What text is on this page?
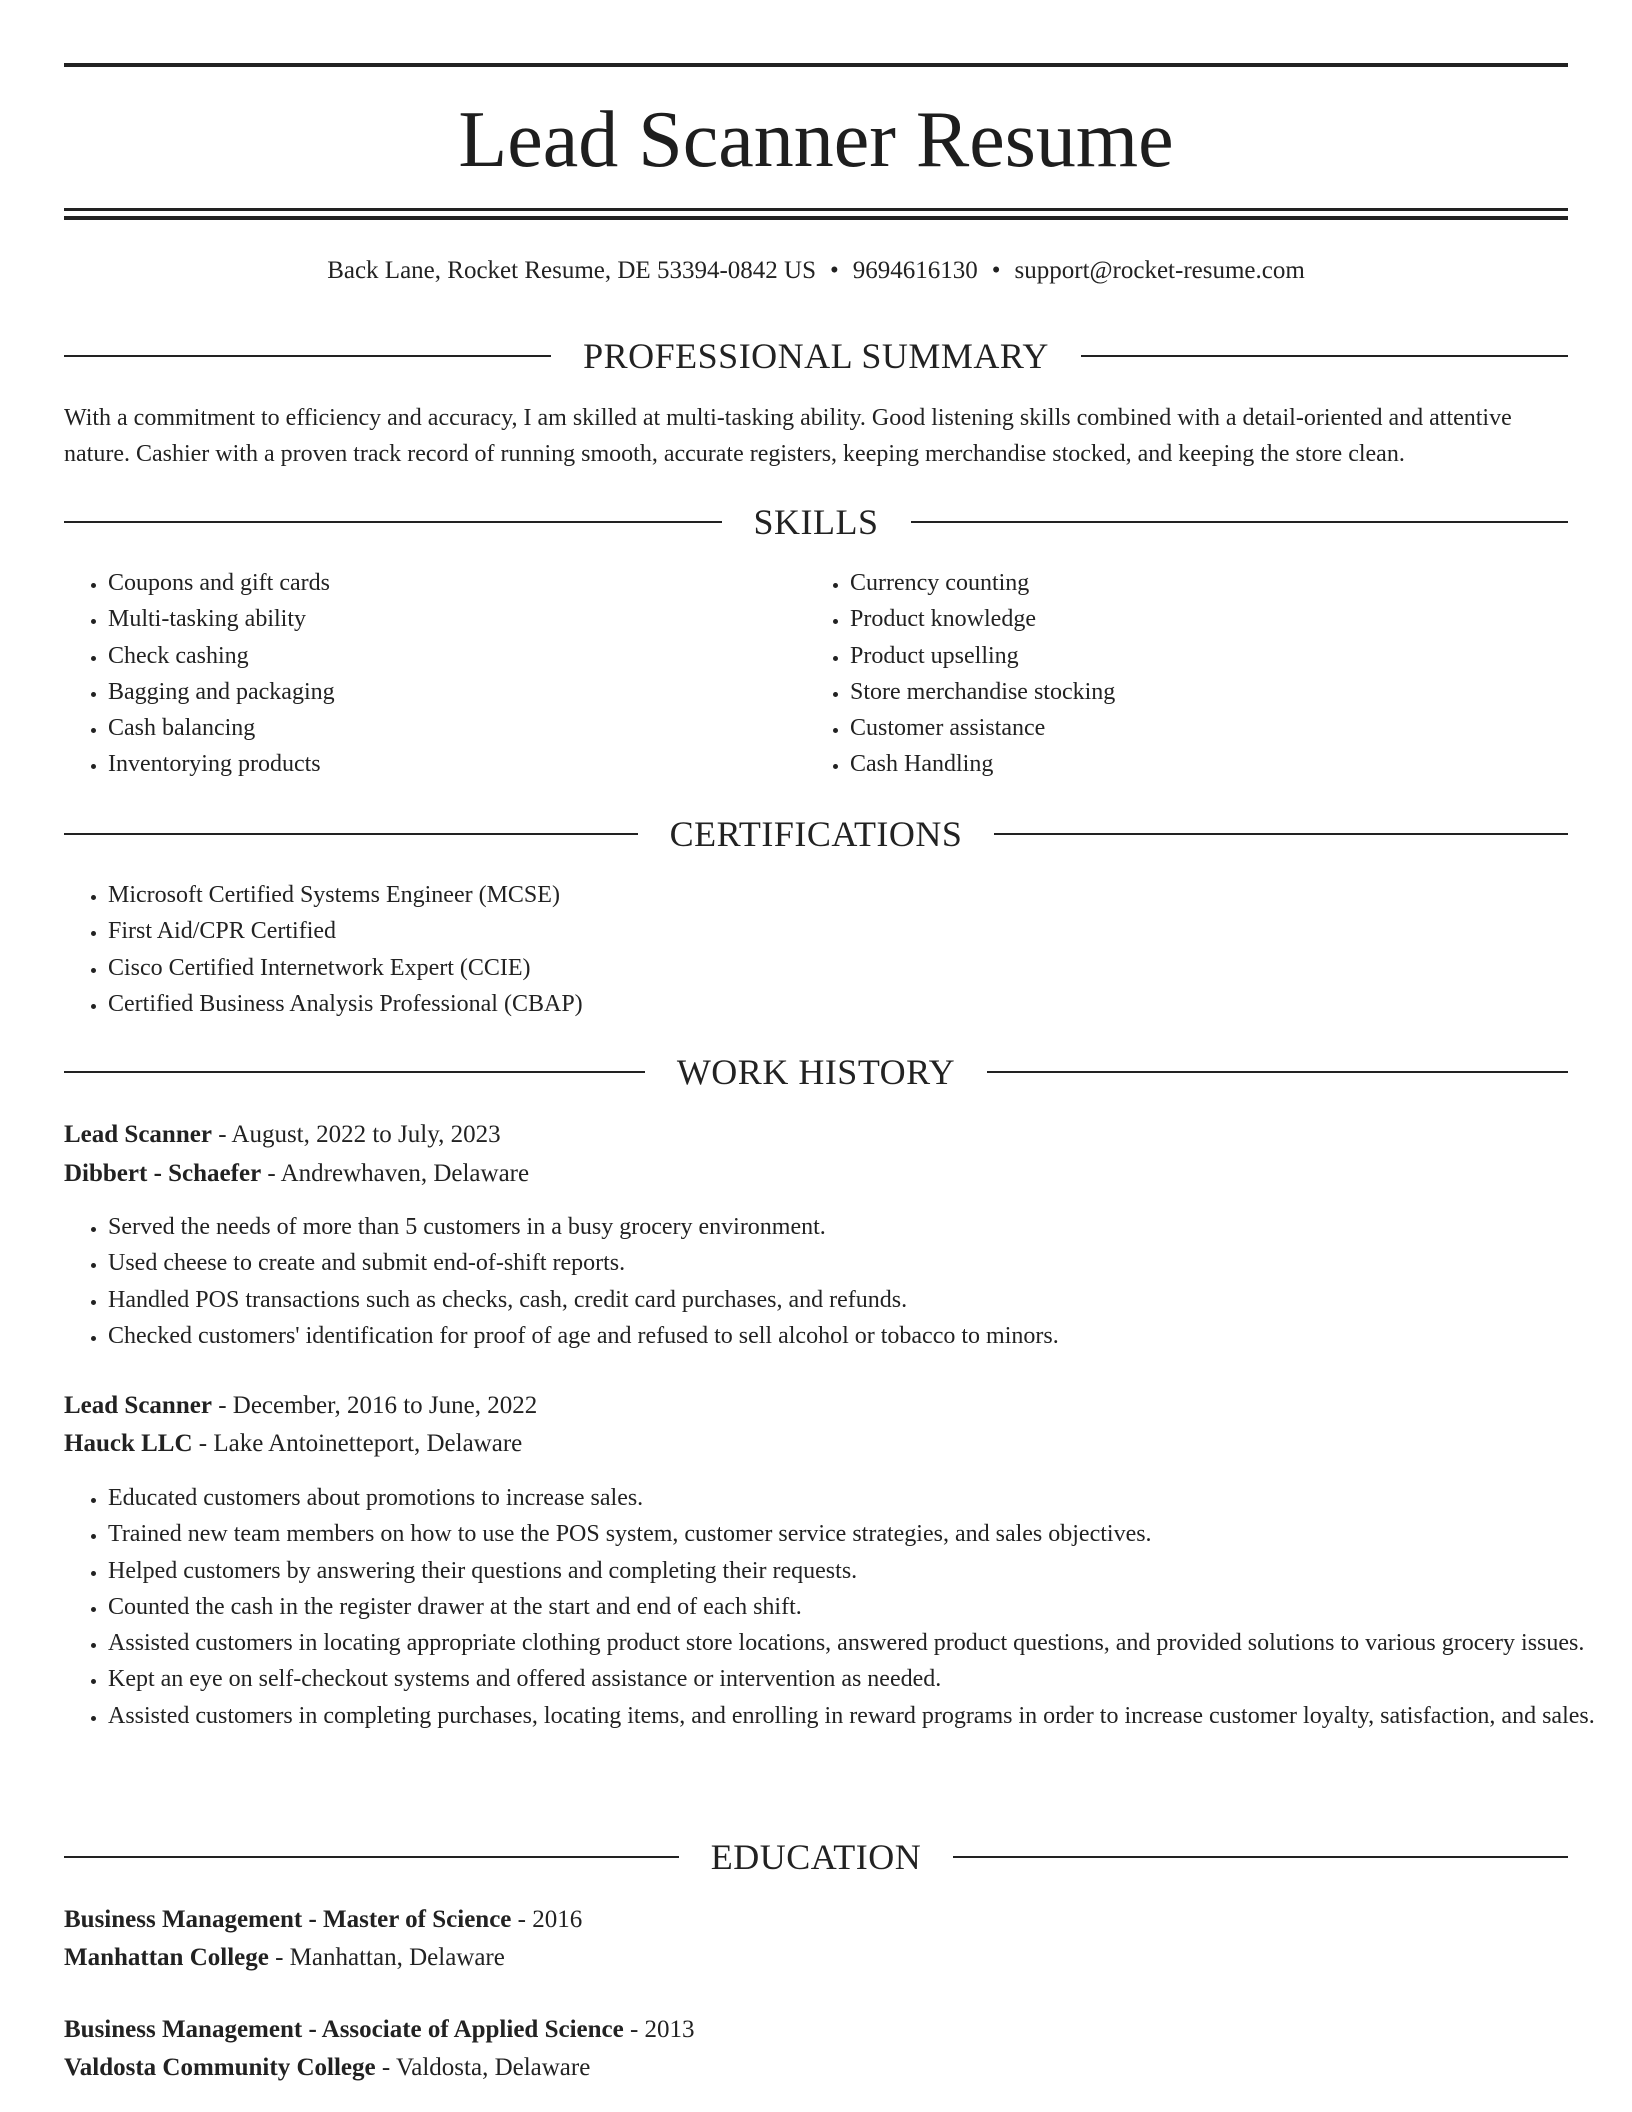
Lead Scanner Resume
Back Lane, Rocket Resume, DE 53394-0842 US • 9694616130 • support@rocket-resume.com
PROFESSIONAL SUMMARY

With a commitment to efficiency and accuracy, I am skilled at multi-tasking ability. Good listening skills combined with a detail-oriented and attentive nature. Cashier with a proven track record of running smooth, accurate registers, keeping merchandise stocked, and keeping the store clean.

SKILLS
• Coupons and gift cards
• Multi-tasking ability
• Check cashing
• Bagging and packaging
• Cash balancing
• Inventorying products
• Currency counting
• Product knowledge
• Product upselling
• Store merchandise stocking
• Customer assistance
• Cash Handling
CERTIFICATIONS
• Microsoft Certified Systems Engineer (MCSE)
• First Aid/CPR Certified
• Cisco Certified Internetwork Expert (CCIE)
• Certified Business Analysis Professional (CBAP)
WORK HISTORY
Lead Scanner - August, 2022 to July, 2023
Dibbert - Schaefer - Andrewhaven, Delaware
• Served the needs of more than 5 customers in a busy grocery environment.
• Used cheese to create and submit end-of-shift reports.
• Handled POS transactions such as checks, cash, credit card purchases, and refunds.
• Checked customers' identification for proof of age and refused to sell alcohol or tobacco to minors.
Lead Scanner - December, 2016 to June, 2022
Hauck LLC - Lake Antoinetteport, Delaware
• Educated customers about promotions to increase sales.
• Trained new team members on how to use the POS system, customer service strategies, and sales objectives.
• Helped customers by answering their questions and completing their requests.
• Counted the cash in the register drawer at the start and end of each shift.
• Assisted customers in locating appropriate clothing product store locations, answered product questions, and provided solutions to various grocery issues.
• Kept an eye on self-checkout systems and offered assistance or intervention as needed.
• Assisted customers in completing purchases, locating items, and enrolling in reward programs in order to increase customer loyalty, satisfaction, and sales.
EDUCATION
Business Management - Master of Science - 2016
Manhattan College - Manhattan, Delaware
Business Management - Associate of Applied Science - 2013
Valdosta Community College - Valdosta, Delaware
